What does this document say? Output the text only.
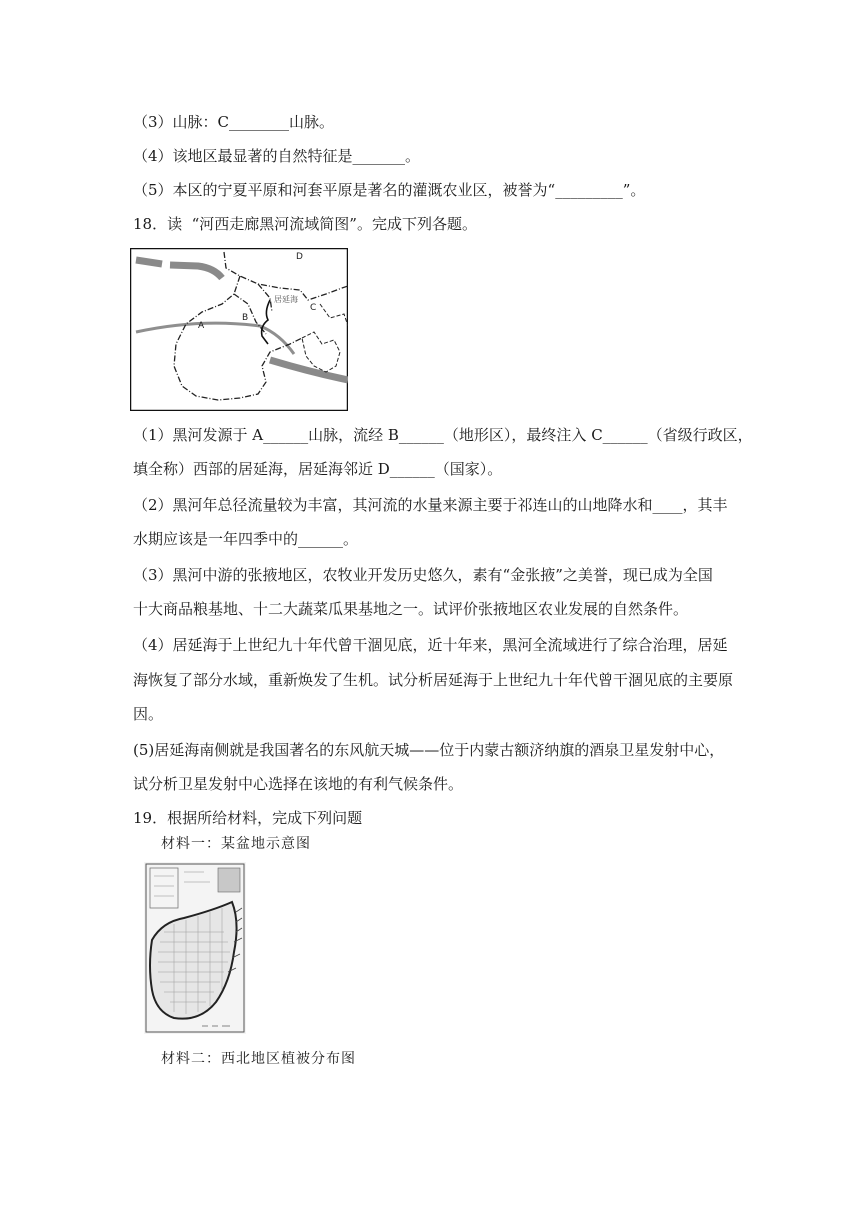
（3）山脉：C________山脉。
（4）该地区最显著的自然特征是_______。
（5）本区的宁夏平原和河套平原是著名的灌溉农业区，被誉为“_________”。
18．读  “河西走廊黑河流域简图”。完成下列各题。
D
C
B
A
居延海
（1）黑河发源于 A______山脉，流经 B______（地形区），最终注入 C______（省级行政区，
填全称）西部的居延海，居延海邻近 D______（国家）。
（2）黑河年总径流量较为丰富，其河流的水量来源主要于祁连山的山地降水和____，其丰
水期应该是一年四季中的______。
（3）黑河中游的张掖地区，农牧业开发历史悠久，素有“金张掖”之美誉，现已成为全国
十大商品粮基地、十二大蔬菜瓜果基地之一。试评价张掖地区农业发展的自然条件。
（4）居延海于上世纪九十年代曾干涸见底，近十年来，黑河全流域进行了综合治理，居延
海恢复了部分水域，重新焕发了生机。试分析居延海于上世纪九十年代曾干涸见底的主要原
因。
(5)居延海南侧就是我国著名的东风航天城——位于内蒙古额济纳旗的酒泉卫星发射中心，
试分析卫星发射中心选择在该地的有利气候条件。
19．根据所给材料，完成下列问题
材料一：某盆地示意图
材料二：西北地区植被分布图
